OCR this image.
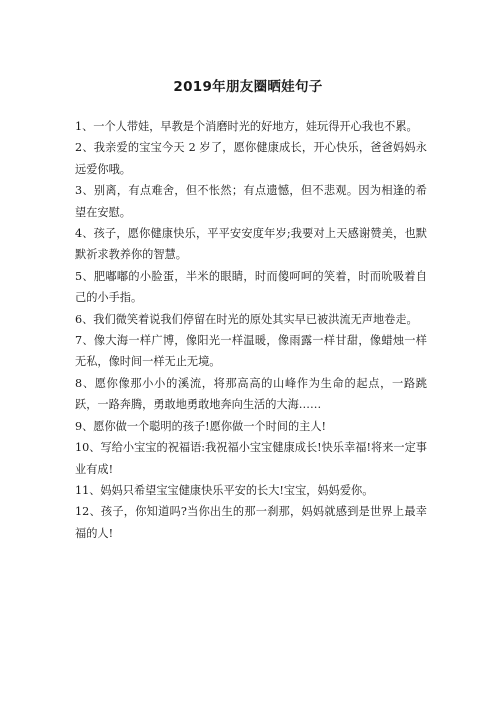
2019年朋友圈晒娃句子

1、一个人带娃，早教是个消磨时光的好地方，娃玩得开心我也不累。

2、我亲爱的宝宝今天 2 岁了，愿你健康成长，开心快乐，爸爸妈妈永远爱你哦。

3、别离，有点难舍，但不怅然；有点遗憾，但不悲观。因为相逢的希望在安慰。

4、孩子，愿你健康快乐，平平安安度年岁;我要对上天感谢赞美，也默默祈求教养你的智慧。

5、肥嘟嘟的小脸蛋，半米的眼睛，时而傻呵呵的笑着，时而吮吸着自己的小手指。

6、我们微笑着说我们停留在时光的原处其实早已被洪流无声地卷走。

7、像大海一样广博，像阳光一样温暖，像雨露一样甘甜，像蜡烛一样无私，像时间一样无止无境。

8、愿你像那小小的溪流，将那高高的山峰作为生命的起点，一路跳跃，一路奔腾，勇敢地勇敢地奔向生活的大海……

9、愿你做一个聪明的孩子!愿你做一个时间的主人!

10、写给小宝宝的祝福语:我祝福小宝宝健康成长!快乐幸福!将来一定事业有成!

11、妈妈只希望宝宝健康快乐平安的长大!宝宝，妈妈爱你。

12、孩子，你知道吗?当你出生的那一刹那，妈妈就感到是世界上最幸福的人!
